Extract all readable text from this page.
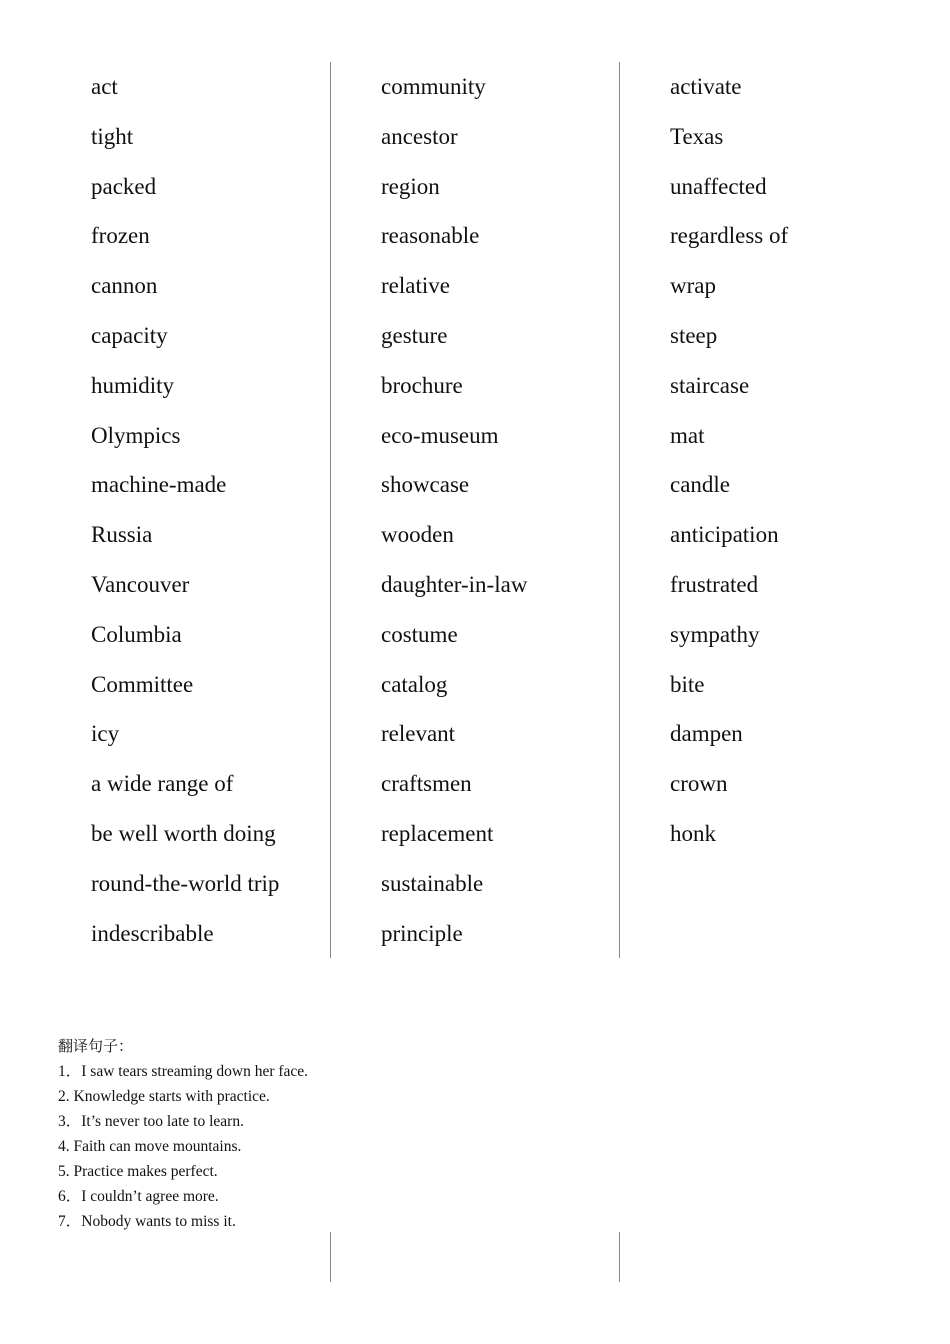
act
tight
packed
frozen
cannon
capacity
humidity
Olympics
machine-made
Russia
Vancouver
Columbia
Committee
icy
a wide range of
be well worth doing
round-the-world trip
indescribable
community
ancestor
region
reasonable
relative
gesture
brochure
eco-museum
showcase
wooden
daughter-in-law
costume
catalog
relevant
craftsmen
replacement
sustainable
principle
activate
Texas
unaffected
regardless of
wrap
steep
staircase
mat
candle
anticipation
frustrated
sympathy
bite
dampen
crown
honk
翻译句子：
1．I saw tears streaming down her face.
2. Knowledge starts with practice.
3．It’s never too late to learn.
4. Faith can move mountains.
5. Practice makes perfect.
6．I couldn’t agree more.
7．Nobody wants to miss it.
